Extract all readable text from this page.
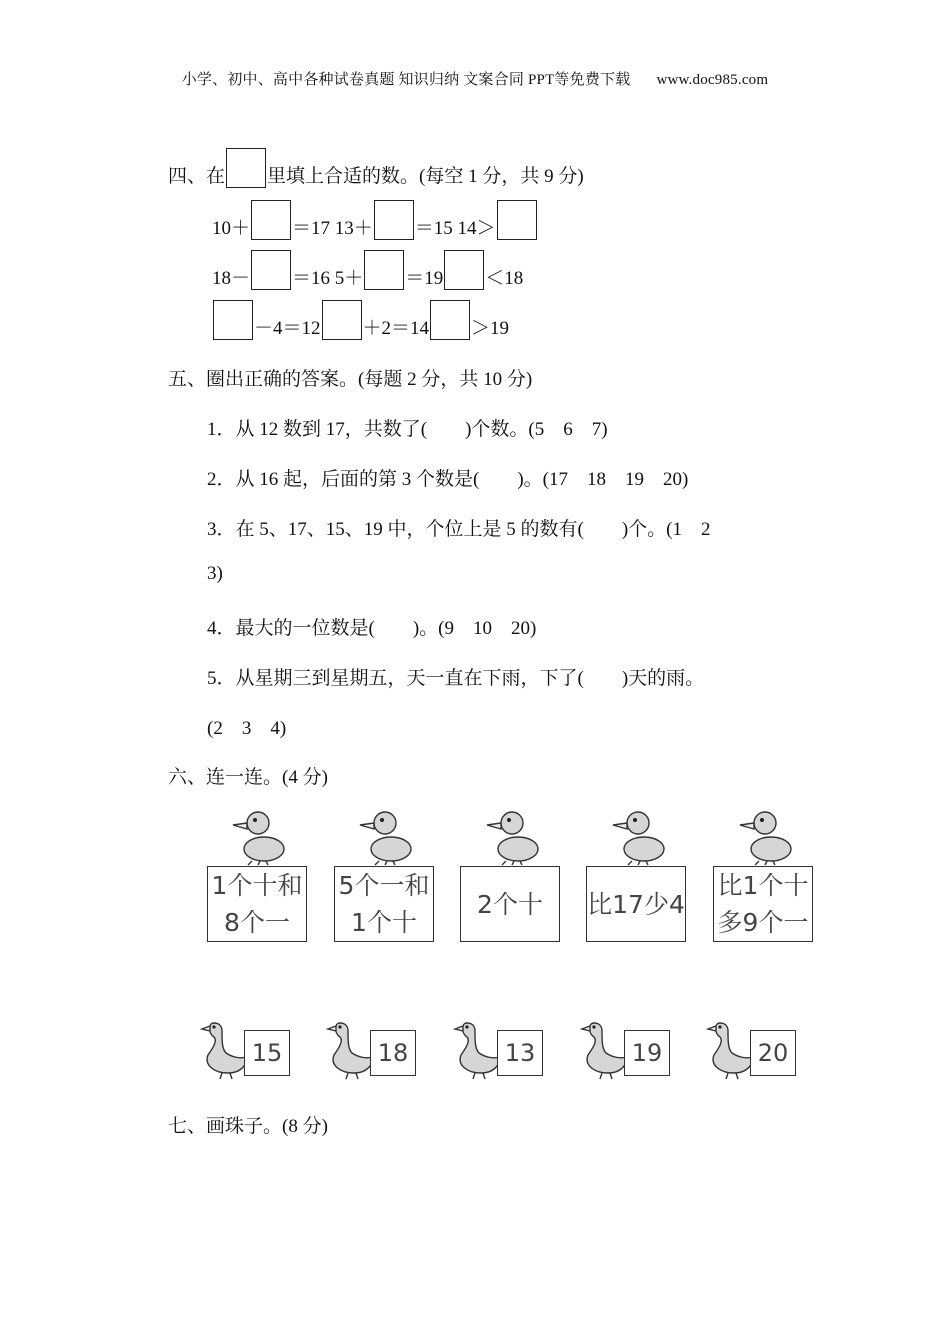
小学、初中、高中各种试卷真题 知识归纳 文案合同 PPT等免费下载 www.doc985.com
四、在 里填上合适的数。(每空 1 分，共 9 分)
10＋ ＝17 13＋ ＝15 14＞
18－ ＝16 5＋ ＝19 ＜18
－4＝12 ＋2＝14 ＞19
五、圈出正确的答案。(每题 2 分，共 10 分)
1．从 12 数到 17，共数了(　　)个数。(5　6　7)
2．从 16 起，后面的第 3 个数是(　　)。(17　18　19　20)
3．在 5、17、15、19 中，个位上是 5 的数有(　　)个。(1　2
3)
4．最大的一位数是(　　)。(9　10　20)
5．从星期三到星期五，天一直在下雨，下了(　　)天的雨。
(2　3　4)
六、连一连。(4 分)
1个十和
8个一
5个一和
1个十
2个十 比17少4
比1个十
多9个一
15	18	13	19	20
七、画珠子。(8 分)
